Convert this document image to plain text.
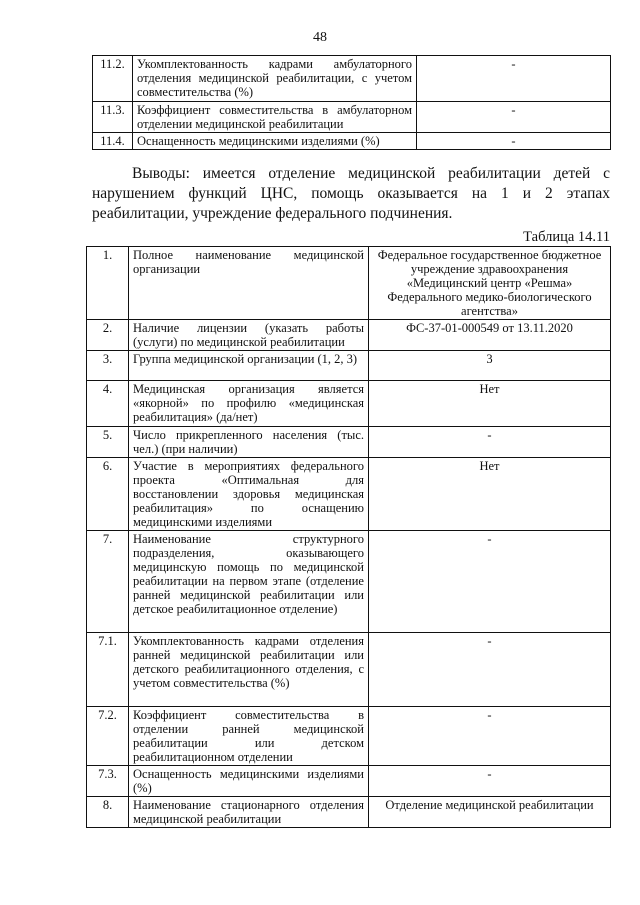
48
11.2.	Укомплектованность кадрами амбулаторного отделения медицинской реабилитации, с учетом совместительства (%)	-
11.3.	Коэффициент совместительства в амбулаторном отделении медицинской реабилитации	-
11.4.	Оснащенность медицинскими изделиями (%)	-

Выводы: имеется отделение медицинской реабилитации детей с нарушением функций ЦНС, помощь оказывается на 1 и 2 этапах реабилитации, учреждение федерального подчинения.

Таблица 14.11
1.	Полное наименование медицинской организации	Федеральное государственное бюджетное учреждение здравоохранения «Медицинский центр «Решма» Федерального медико-биологического агентства»
2.	Наличие лицензии (указать работы (услуги) по медицинской реабилитации	ФС-37-01-000549 от 13.11.2020
3.	Группа медицинской организации (1, 2, 3)	3
4.	Медицинская организация является «якорной» по профилю «медицинская реабилитация» (да/нет)	Нет
5.	Число прикрепленного населения (тыс. чел.) (при наличии)	-
6.	Участие в мероприятиях федерального проекта «Оптимальная для восстановлении здоровья медицинская реабилитация» по оснащению медицинскими изделиями	Нет
7.	Наименование структурного подразделения, оказывающего медицинскую помощь по медицинской реабилитации на первом этапе (отделение ранней медицинской реабилитации или детское реабилитационное отделение)	-
7.1.	Укомплектованность кадрами отделения ранней медицинской реабилитации или детского реабилитационного отделения, с учетом совместительства (%)	-
7.2.	Коэффициент совместительства в отделении ранней медицинской реабилитации или детском реабилитационном отделении	-
7.3.	Оснащенность медицинскими изделиями (%)	-
8.	Наименование стационарного отделения медицинской реабилитации	Отделение медицинской реабилитации
